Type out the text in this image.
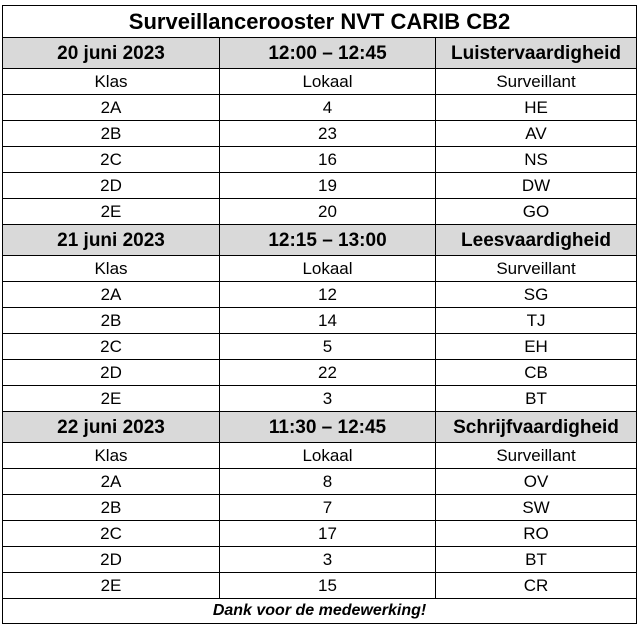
Surveillancerooster NVT CARIB CB2		
20 juni 2023	12:00 – 12:45	Luistervaardigheid
Klas	Lokaal	Surveillant
2A	4	HE
2B	23	AV
2C	16	NS
2D	19	DW
2E	20	GO
21 juni 2023	12:15 – 13:00	Leesvaardigheid
Klas	Lokaal	Surveillant
2A	12	SG
2B	14	TJ
2C	5	EH
2D	22	CB
2E	3	BT
22 juni 2023	11:30 – 12:45	Schrijfvaardigheid
Klas	Lokaal	Surveillant
2A	8	OV
2B	7	SW
2C	17	RO
2D	3	BT
2E	15	CR
Dank voor de medewerking!		
